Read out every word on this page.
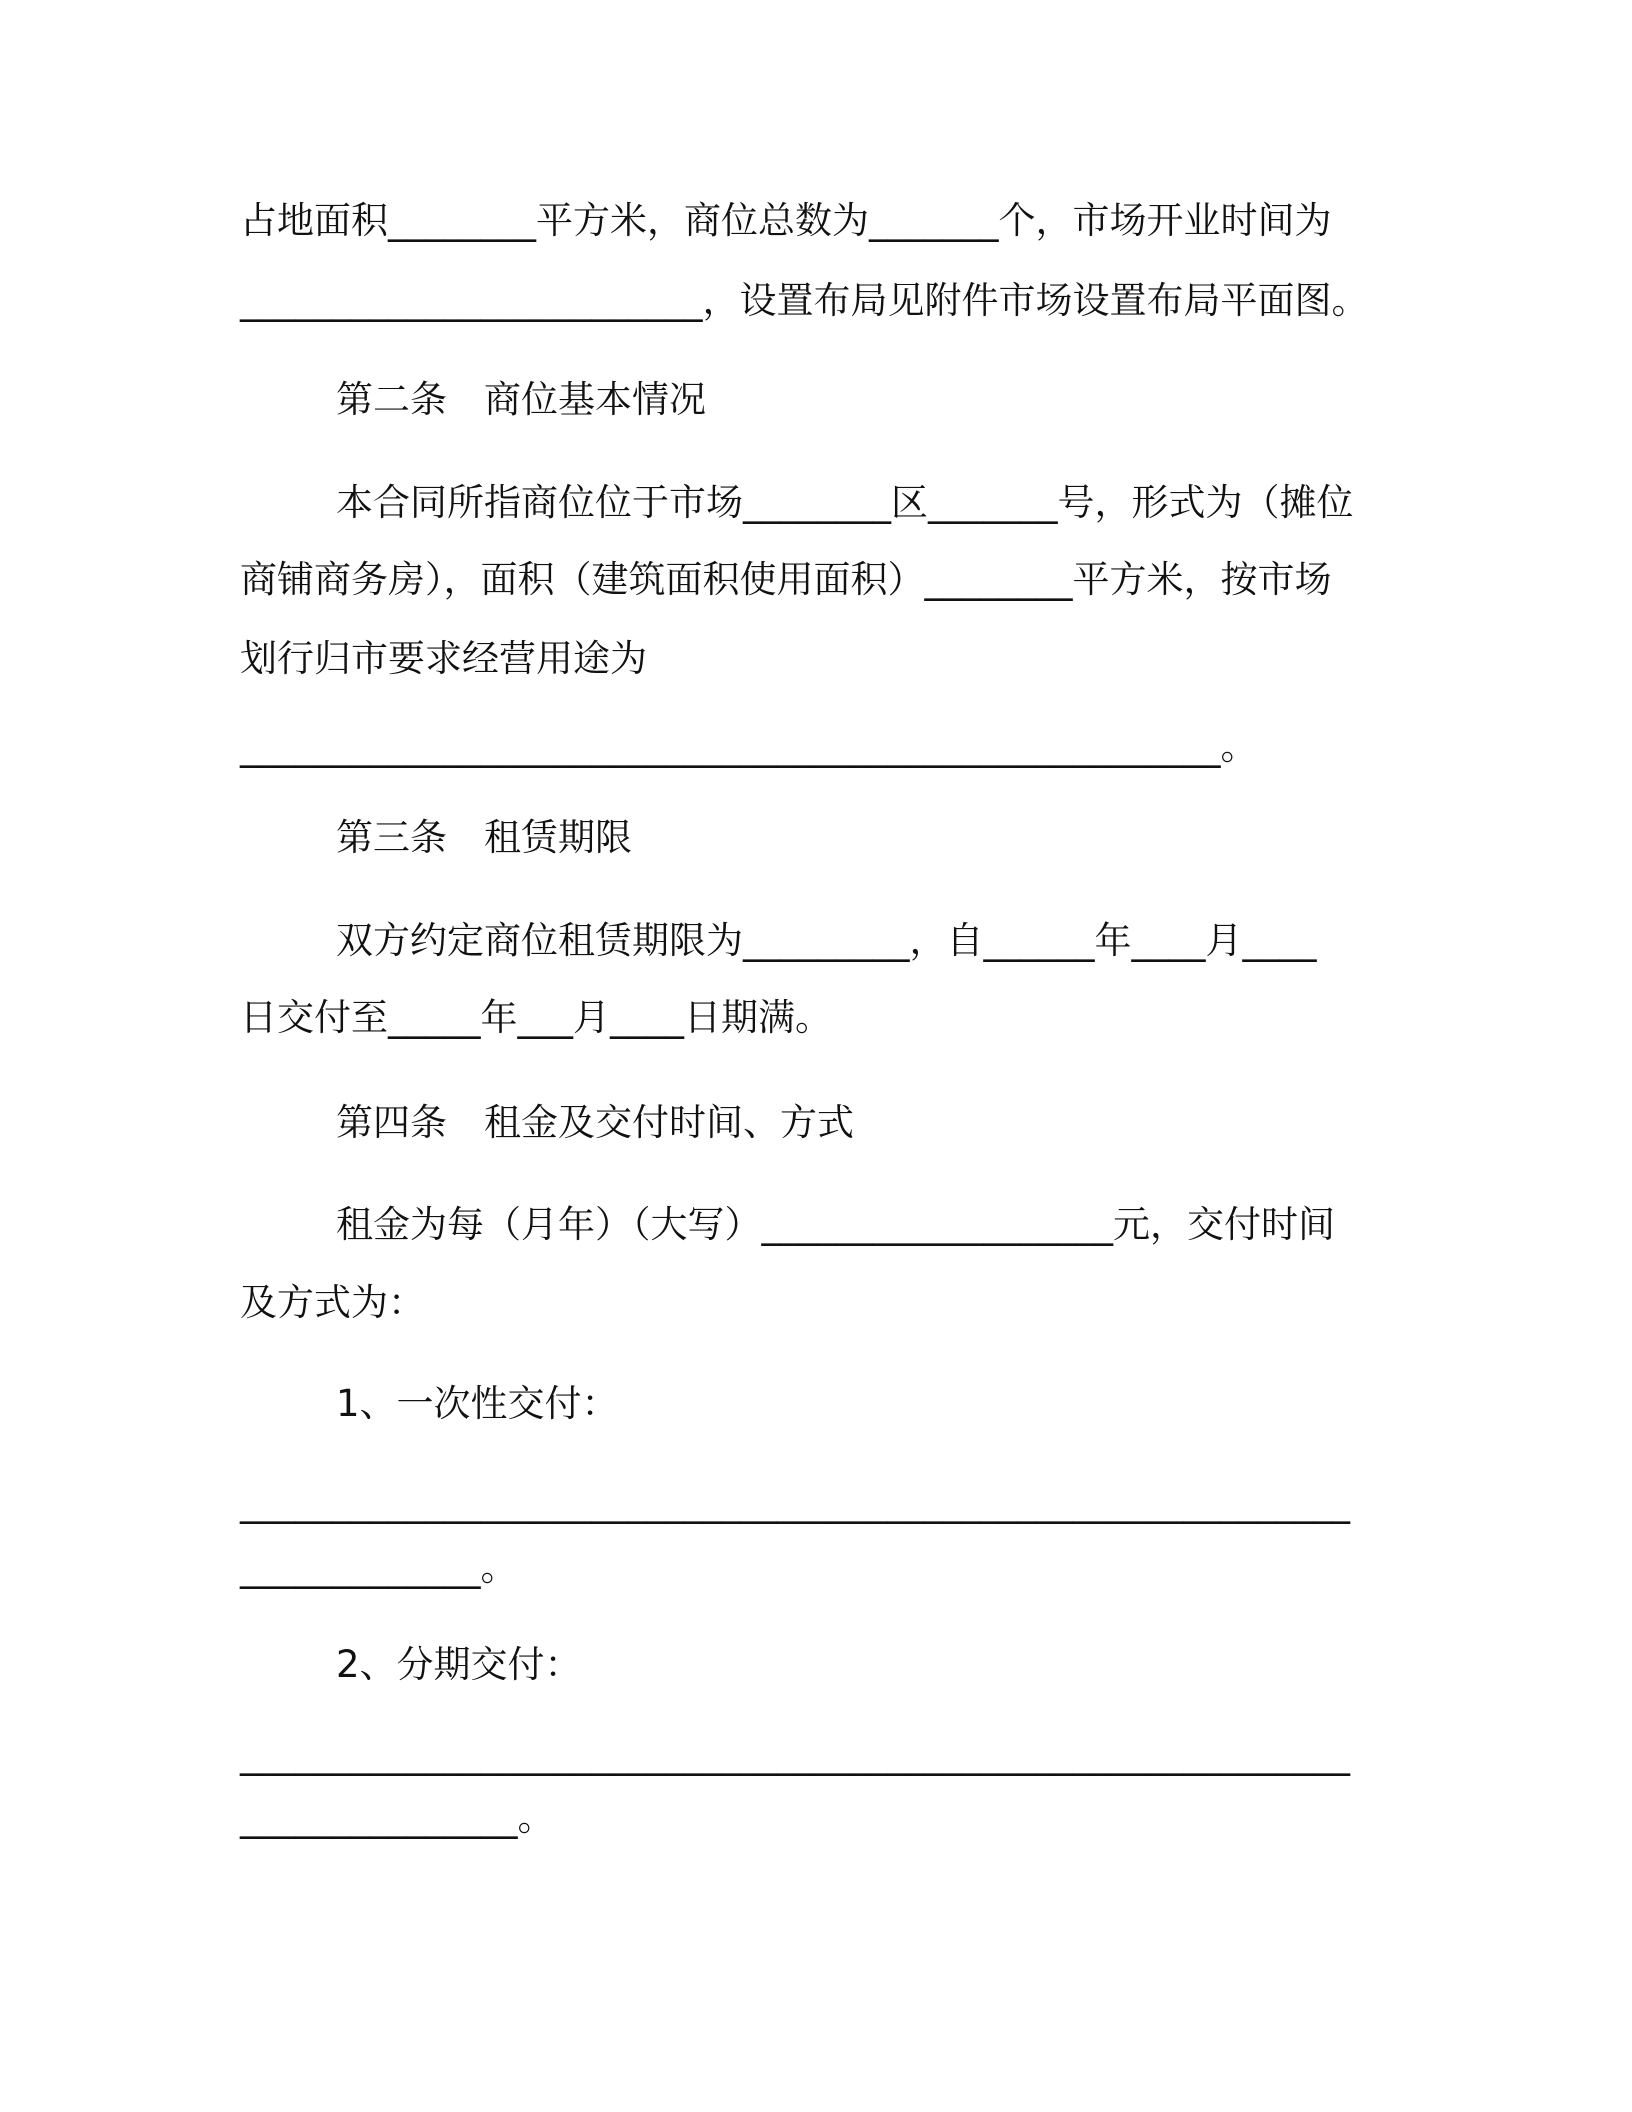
占地面积________平方米，商位总数为_______个，市场开业时间为
_________________________，设置布局见附件市场设置布局平面图。
第二条　商位基本情况
本合同所指商位位于市场________区_______号，形式为（摊位
商铺商务房），面积（建筑面积使用面积）________平方米，按市场
划行归市要求经营用途为
_____________________________________________________。
第三条　租赁期限
双方约定商位租赁期限为_________，自______年____月____
日交付至_____年___月____日期满。
第四条　租金及交付时间、方式
租金为每（月年）（大写）___________________元，交付时间
及方式为：
1、一次性交付：
____________________________________________________________
_____________。
2、分期交付：
____________________________________________________________
_______________。
